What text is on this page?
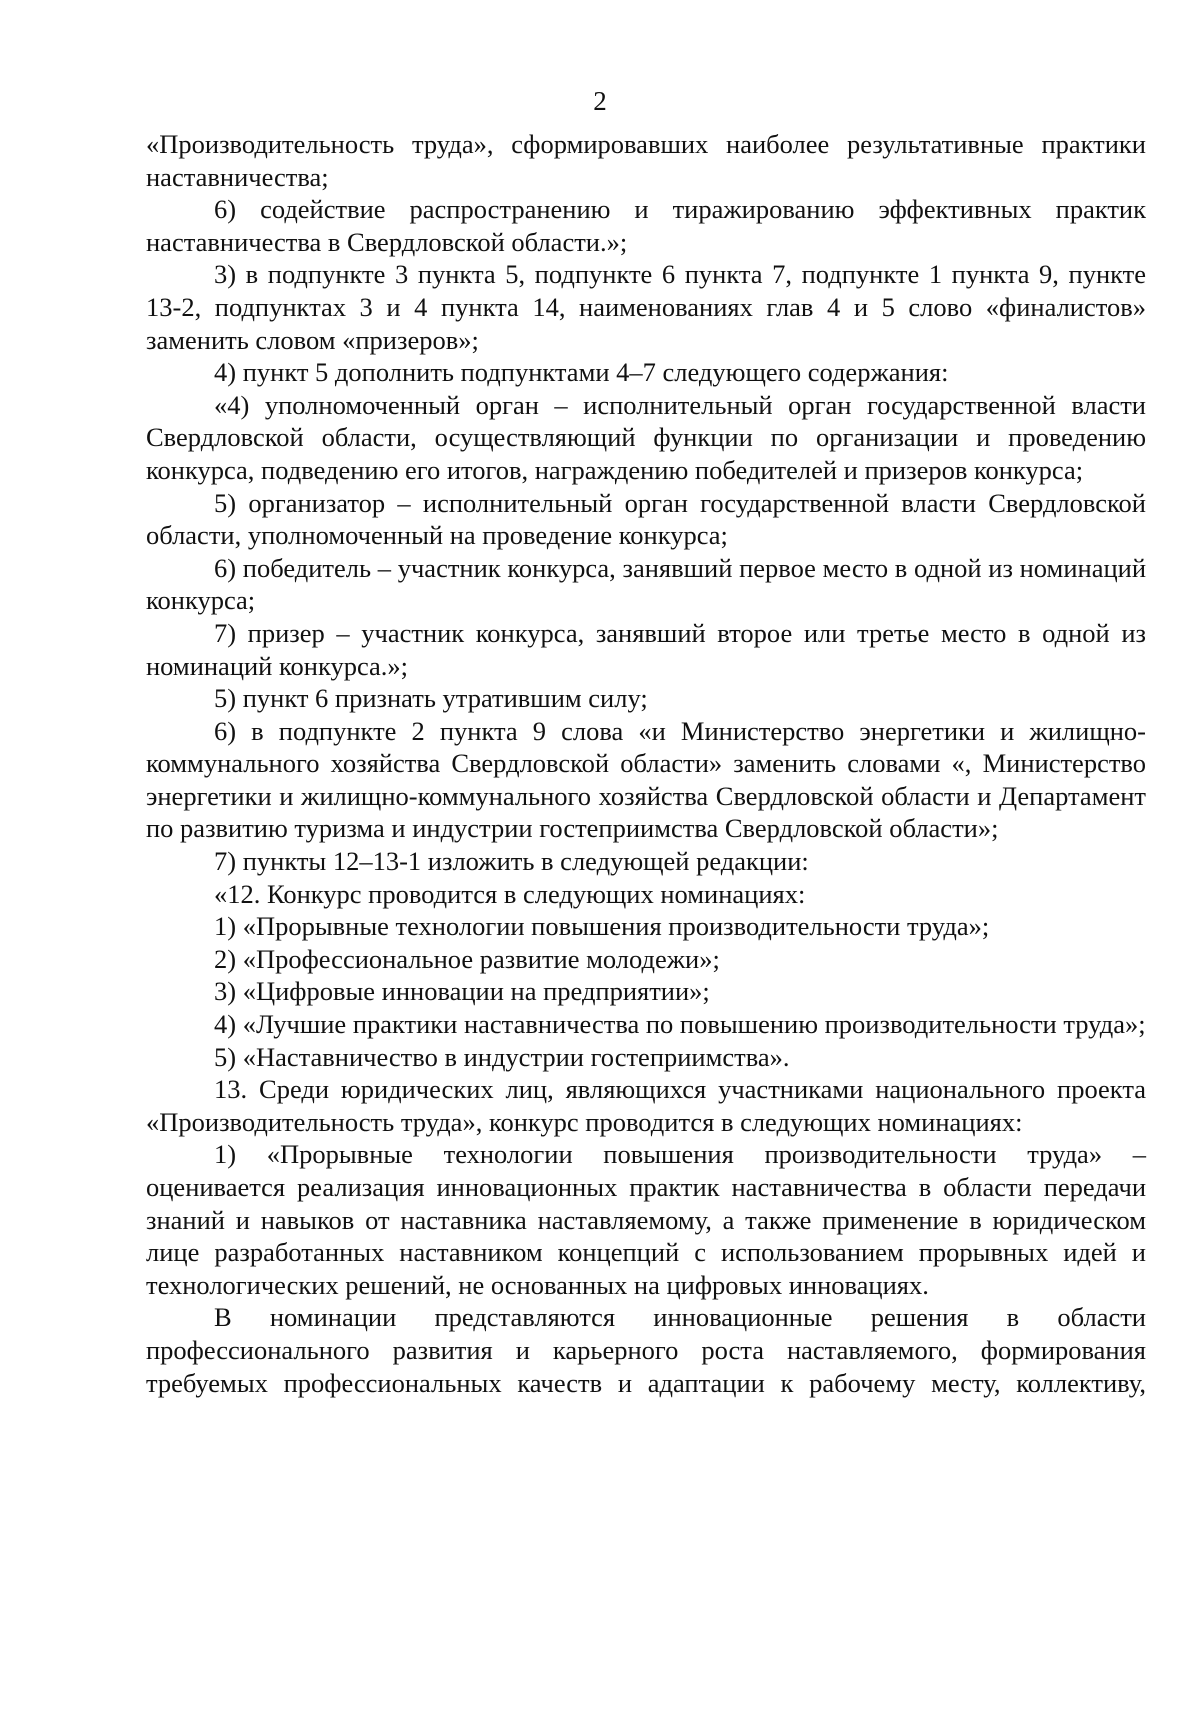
2

«Производительность труда», сформировавших наиболее результативные практики наставничества;

6) содействие распространению и тиражированию эффективных практик наставничества в Свердловской области.»;

3) в подпункте 3 пункта 5, подпункте 6 пункта 7, подпункте 1 пункта 9, пункте 13-2, подпунктах 3 и 4 пункта 14, наименованиях глав 4 и 5 слово «финалистов» заменить словом «призеров»;

4) пункт 5 дополнить подпунктами 4–7 следующего содержания:

«4) уполномоченный орган – исполнительный орган государственной власти Свердловской области, осуществляющий функции по организации и проведению конкурса, подведению его итогов, награждению победителей и призеров конкурса;

5) организатор – исполнительный орган государственной власти Свердловской области, уполномоченный на проведение конкурса;

6) победитель – участник конкурса, занявший первое место в одной из номинаций конкурса;

7) призер – участник конкурса, занявший второе или третье место в одной из номинаций конкурса.»;

5) пункт 6 признать утратившим силу;

6) в подпункте 2 пункта 9 слова «и Министерство энергетики и жилищно-коммунального хозяйства Свердловской области» заменить словами «, Министерство энергетики и жилищно-коммунального хозяйства Свердловской области и Департамент по развитию туризма и индустрии гостеприимства Свердловской области»;

7) пункты 12–13-1 изложить в следующей редакции:

«12. Конкурс проводится в следующих номинациях:

1) «Прорывные технологии повышения производительности труда»;

2) «Профессиональное развитие молодежи»;

3) «Цифровые инновации на предприятии»;

4) «Лучшие практики наставничества по повышению производительности труда»;

5) «Наставничество в индустрии гостеприимства».

13. Среди юридических лиц, являющихся участниками национального проекта «Производительность труда», конкурс проводится в следующих номинациях:

1) «Прорывные технологии повышения производительности труда» – оценивается реализация инновационных практик наставничества в области передачи знаний и навыков от наставника наставляемому, а также применение в юридическом лице разработанных наставником концепций с использованием прорывных идей и технологических решений, не основанных на цифровых инновациях.

В номинации представляются инновационные решения в области профессионального развития и карьерного роста наставляемого, формирования требуемых профессиональных качеств и адаптации к рабочему месту, коллективу,
